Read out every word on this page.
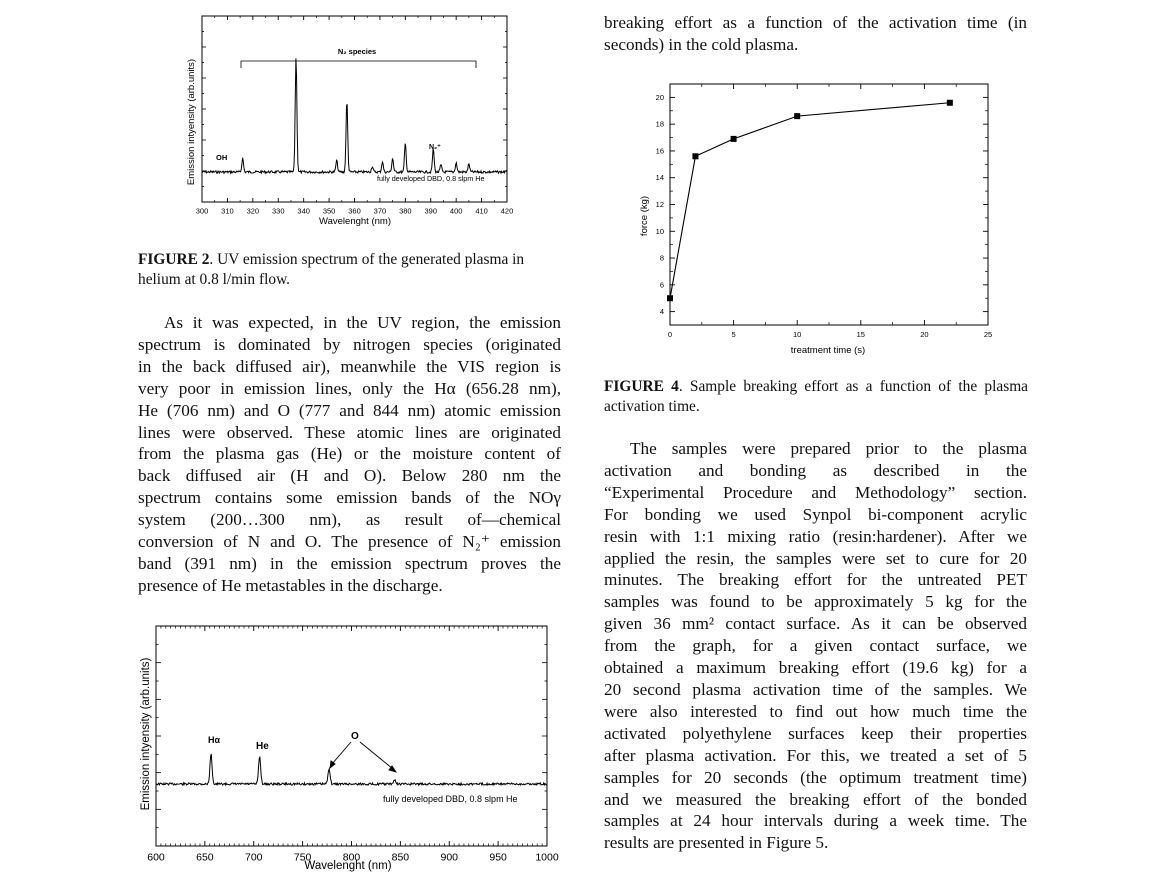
300 310 320 330 340 350 360 370 380 390 400 410 420
Emission intyensity (arb.units)
Wavelenght (nm)
N₂ species
OH
N₂⁺
fully developed DBD, 0.8 slpm He
FIGURE 2. UV emission spectrum of the generated plasma in helium at 0.8 l/min flow.
As it was expected, in the UV region, the emission
spectrum is dominated by nitrogen species (originated
in the back diffused air), meanwhile the VIS region is
very poor in emission lines, only the Hα (656.28 nm),
He (706 nm) and O (777 and 844 nm) atomic emission
lines were observed. These atomic lines are originated
from the plasma gas (He) or the moisture content of
back diffused air (H and O). Below 280 nm the
spectrum contains some emission bands of the NOγ
system (200…300 nm), as result of—chemical
conversion of N and O. The presence of N₂⁺ emission
band (391 nm) in the emission spectrum proves the
presence of He metastables in the discharge.
600	650	700	750	800	850	900	950	1000
Emission intyensity (arb.units)
Wavelenght (nm)
Hα
He
O
fully developed DBD, 0.8 slpm He
breaking effort as a function of the activation time (in
seconds) in the cold plasma.
0	5	10	15	20	25
4
6
8
10
12
14
16
18
20
force (kg)
treatment time (s)
FIGURE 4. Sample breaking effort as a function of the plasma activation time.
The samples were prepared prior to the plasma
activation and bonding as described in the
“Experimental Procedure and Methodology” section.
For bonding we used Synpol bi-component acrylic
resin with 1:1 mixing ratio (resin:hardener). After we
applied the resin, the samples were set to cure for 20
minutes. The breaking effort for the untreated PET
samples was found to be approximately 5 kg for the
given 36 mm² contact surface. As it can be observed
from the graph, for a given contact surface, we
obtained a maximum breaking effort (19.6 kg) for a
20 second plasma activation time of the samples. We
were also interested to find out how much time the
activated polyethylene surfaces keep their properties
after plasma activation. For this, we treated a set of 5
samples for 20 seconds (the optimum treatment time)
and we measured the breaking effort of the bonded
samples at 24 hour intervals during a week time. The
results are presented in Figure 5.
